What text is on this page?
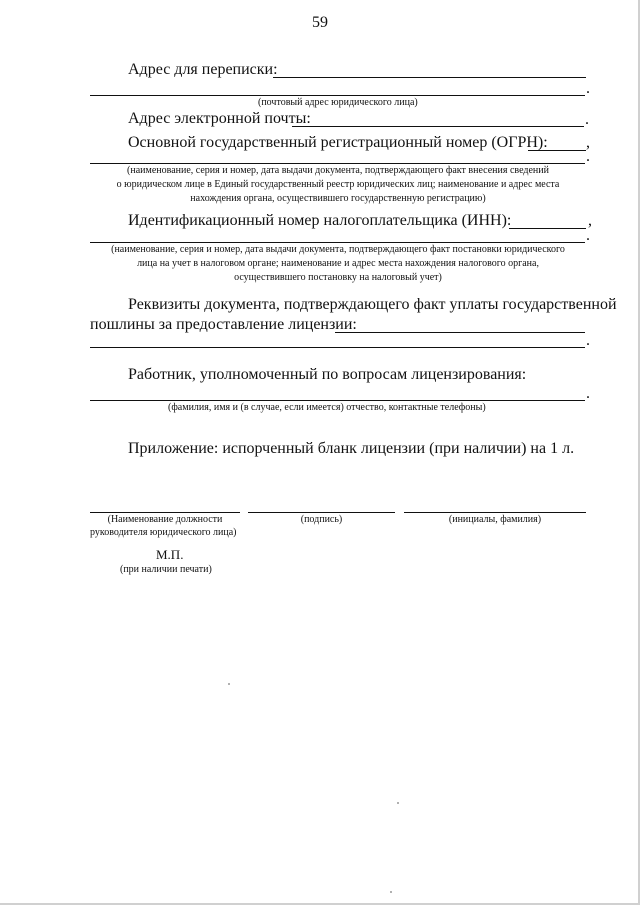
59
Адрес для переписки:
.
(почтовый адрес юридического лица)
Адрес электронной почты:	.
Основной государственный регистрационный номер (ОГРН): ,
.
(наименование, серия и номер, дата выдачи документа, подтверждающего факт внесения сведений
о юридическом лице в Единый государственный реестр юридических лиц; наименование и адрес места
нахождения органа, осуществившего государственную регистрацию)
Идентификационный номер налогоплательщика (ИНН):	,
.
(наименование, серия и номер, дата выдачи документа, подтверждающего факт постановки юридического
лица на учет в налоговом органе; наименование и адрес места нахождения налогового органа,
осуществившего постановку на налоговый учет)
Реквизиты документа, подтверждающего факт уплаты государственной
пошлины за предоставление лицензии:
.
Работник, уполномоченный по вопросам лицензирования:
.
(фамилия, имя и (в случае, если имеется) отчество, контактные телефоны)
Приложение: испорченный бланк лицензии (при наличии) на 1 л.
(Наименование должности
руководителя юридического лица)
(подпись)	(инициалы, фамилия)
М.П.
(при наличии печати)
